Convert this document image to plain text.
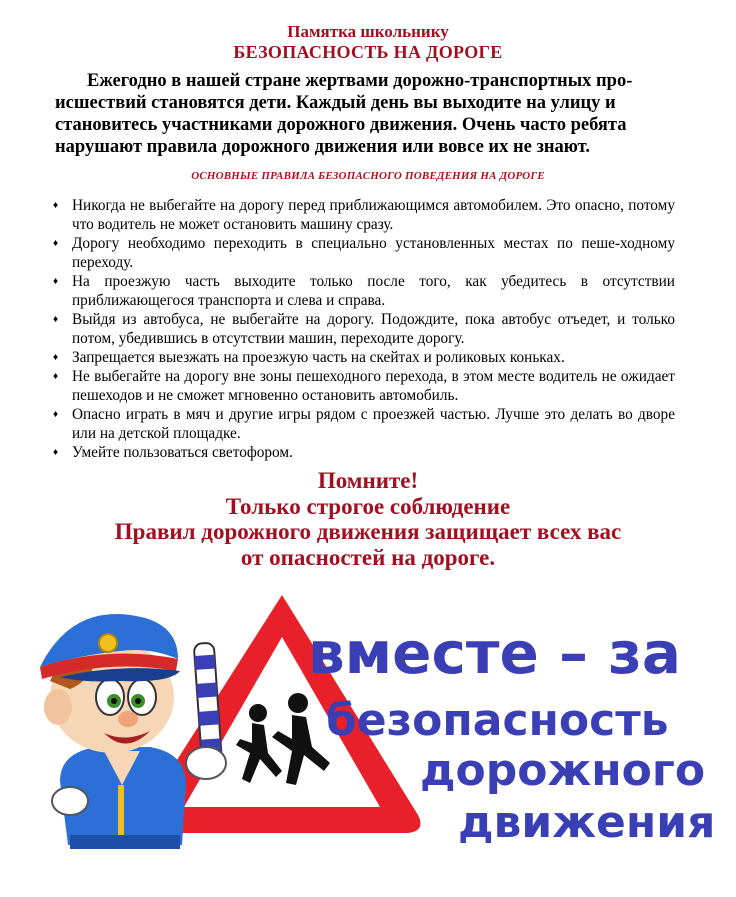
Памятка школьнику
БЕЗОПАСНОСТЬ НА ДОРОГЕ
Ежегодно в нашей стране жертвами дорожно-транспортных про-
исшествий становятся дети. Каждый день вы выходите на улицу и
становитесь участниками дорожного движения. Очень часто ребята
нарушают правила дорожного движения или вовсе их не знают.
ОСНОВНЫЕ ПРАВИЛА БЕЗОПАСНОГО ПОВЕДЕНИЯ НА ДОРОГЕ
♦ Никогда не выбегайте на дорогу перед приближающимся автомобилем. Это опасно, потому что водитель не может остановить машину сразу.
♦ Дорогу необходимо переходить в специально установленных местах по пеше-ходному переходу.
♦ На проезжую часть выходите только после того, как убедитесь в отсутствии приближающегося транспорта и слева и справа.
♦ Выйдя из автобуса, не выбегайте на дорогу. Подождите, пока автобус отъедет, и только потом, убедившись в отсутствии машин, переходите дорогу.
♦ Запрещается выезжать на проезжую часть на скейтах и роликовых коньках.
♦ Не выбегайте на дорогу вне зоны пешеходного перехода, в этом месте водитель не ожидает пешеходов и не сможет мгновенно остановить автомобиль.
♦ Опасно играть в мяч и другие игры рядом с проезжей частью. Лучше это делать во дворе или на детской площадке.
♦ Умейте пользоваться светофором.
Помните!
Только строгое соблюдение
Правил дорожного движения защищает всех вас
от опасностей на дороге.
вместе – за
безопасность
дорожного
движения
